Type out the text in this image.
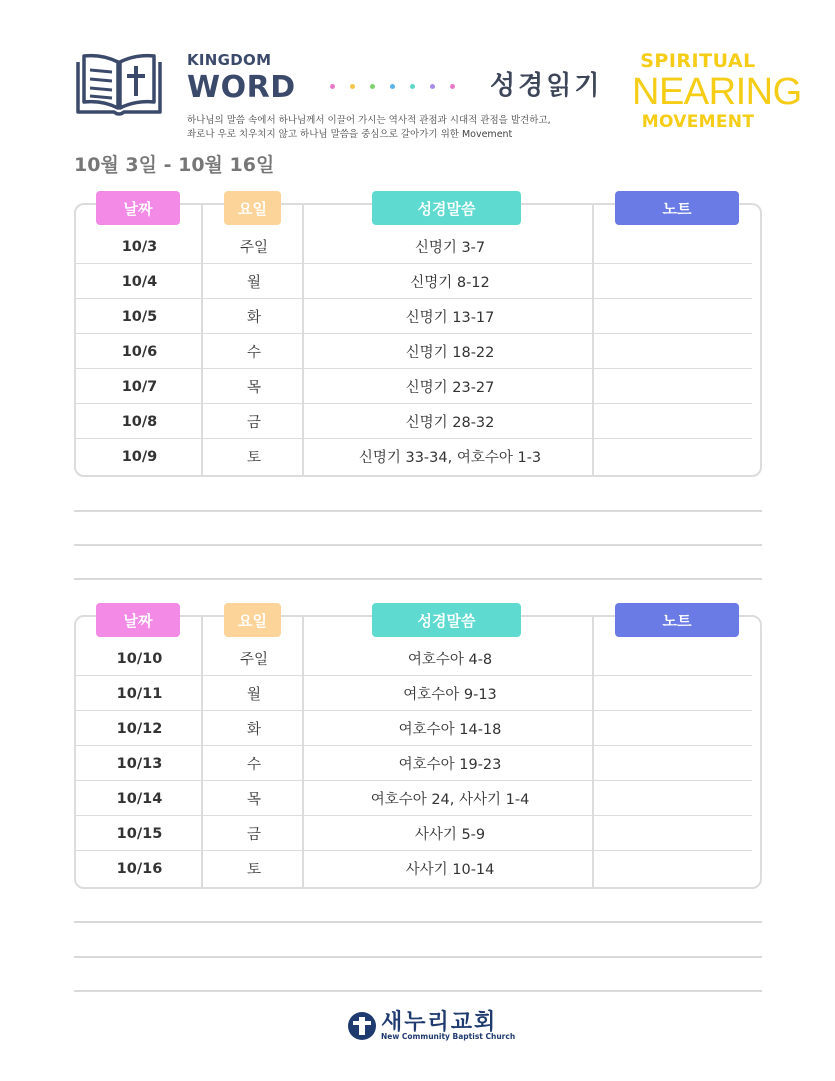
KINGDOM
WORD	성경읽기
하나님의 말씀 속에서 하나님께서 이끌어 가시는 역사적 관점과 시대적 관점을 발견하고,
좌로나 우로 치우치지 않고 하나님 말씀을 중심으로 갈아가기 위한 Movement
SPIRITUAL
NEARING
MOVEMENT
10월 3일 - 10월 16일
날짜	요일	성경말씀	노트
10/3	주일	신명기 3-7
10/4	월	신명기 8-12
10/5	화	신명기 13-17
10/6	수	신명기 18-22
10/7	목	신명기 23-27
10/8	금	신명기 28-32
10/9	토	신명기 33-34, 여호수아 1-3
날짜	요일	성경말씀	노트
10/10	주일	여호수아 4-8
10/11	월	여호수아 9-13
10/12	화	여호수아 14-18
10/13	수	여호수아 19-23
10/14	목	여호수아 24, 사사기 1-4
10/15	금	사사기 5-9
10/16	토	사사기 10-14
새누리교회
New Community Baptist Church
